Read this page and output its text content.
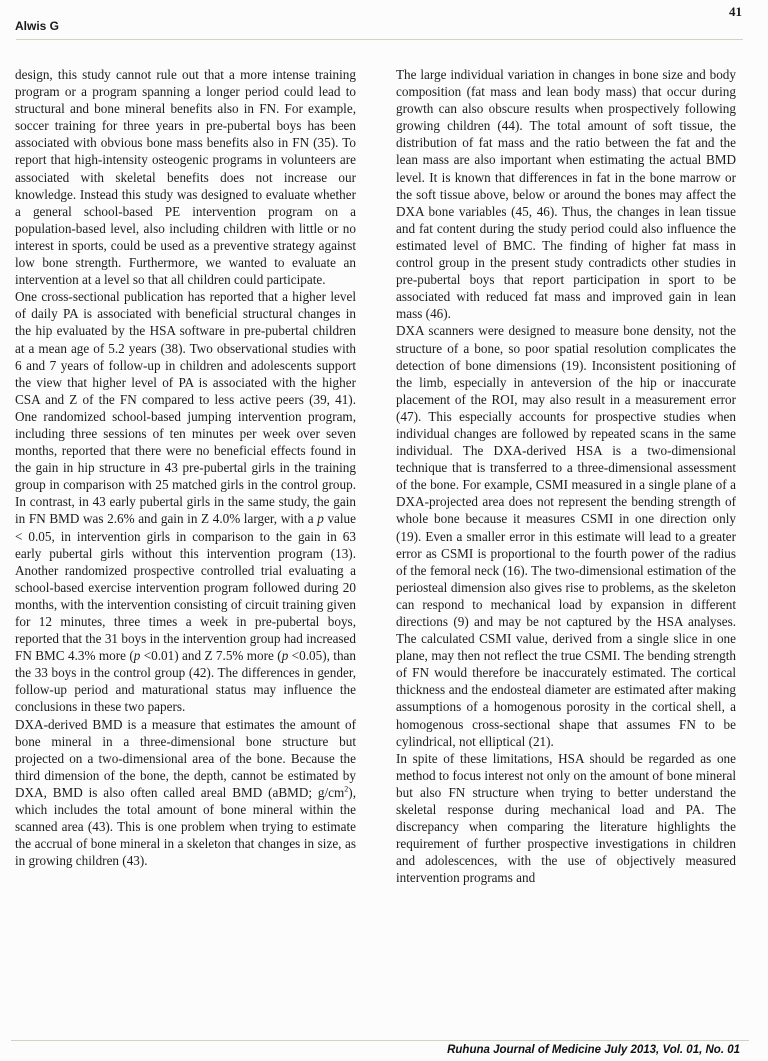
41
Alwis G

design, this study cannot rule out that a more intense training program or a program spanning a longer period could lead to structural and bone mineral benefits also in FN. For example, soccer training for three years in pre-pubertal boys has been associated with obvious bone mass benefits also in FN (35). To report that high-intensity osteogenic programs in volunteers are associated with skeletal benefits does not increase our knowledge. Instead this study was designed to evaluate whether a general school-based PE intervention program on a population-based level, also including children with little or no interest in sports, could be used as a preventive strategy against low bone strength. Furthermore, we wanted to evaluate an intervention at a level so that all children could participate.

One cross-sectional publication has reported that a higher level of daily PA is associated with beneficial structural changes in the hip evaluated by the HSA software in pre-pubertal children at a mean age of 5.2 years (38). Two observational studies with 6 and 7 years of follow-up in children and adolescents support the view that higher level of PA is associated with the higher CSA and Z of the FN compared to less active peers (39, 41). One randomized school-based jumping intervention program, including three sessions of ten minutes per week over seven months, reported that there were no beneficial effects found in the gain in hip structure in 43 pre-pubertal girls in the training group in comparison with 25 matched girls in the control group. In contrast, in 43 early pubertal girls in the same study, the gain in FN BMD was 2.6% and gain in Z 4.0% larger, with a p value < 0.05, in intervention girls in comparison to the gain in 63 early pubertal girls without this intervention program (13). Another randomized prospective controlled trial evaluating a school-based exercise intervention program followed during 20 months, with the intervention consisting of circuit training given for 12 minutes, three times a week in pre-pubertal boys, reported that the 31 boys in the intervention group had increased FN BMC 4.3% more (p <0.01) and Z 7.5% more (p <0.05), than the 33 boys in the control group (42). The differences in gender, follow-up period and maturational status may influence the conclusions in these two papers.

DXA-derived BMD is a measure that estimates the amount of bone mineral in a three-dimensional bone structure but projected on a two-dimensional area of the bone. Because the third dimension of the bone, the depth, cannot be estimated by DXA, BMD is also often called areal BMD (aBMD; $g/cm^2$), which includes the total amount of bone mineral within the scanned area (43). This is one problem when trying to estimate the accrual of bone mineral in a skeleton that changes in size, as in growing children (43).

The large individual variation in changes in bone size and body composition (fat mass and lean body mass) that occur during growth can also obscure results when prospectively following growing children (44). The total amount of soft tissue, the distribution of fat mass and the ratio between the fat and the lean mass are also important when estimating the actual BMD level. It is known that differences in fat in the bone marrow or the soft tissue above, below or around the bones may affect the DXA bone variables (45, 46). Thus, the changes in lean tissue and fat content during the study period could also influence the estimated level of BMC. The finding of higher fat mass in control group in the present study contradicts other studies in pre-pubertal boys that report participation in sport to be associated with reduced fat mass and improved gain in lean mass (46).

DXA scanners were designed to measure bone density, not the structure of a bone, so poor spatial resolution complicates the detection of bone dimensions (19). Inconsistent positioning of the limb, especially in anteversion of the hip or inaccurate placement of the ROI, may also result in a measurement error (47). This especially accounts for prospective studies when individual changes are followed by repeated scans in the same individual. The DXA-derived HSA is a two-dimensional technique that is transferred to a three-dimensional assessment of the bone. For example, CSMI measured in a single plane of a DXA-projected area does not represent the bending strength of whole bone because it measures CSMI in one direction only (19). Even a smaller error in this estimate will lead to a greater error as CSMI is proportional to the fourth power of the radius of the femoral neck (16). The two-dimensional estimation of the periosteal dimension also gives rise to problems, as the skeleton can respond to mechanical load by expansion in different directions (9) and may be not captured by the HSA analyses. The calculated CSMI value, derived from a single slice in one plane, may then not reflect the true CSMI. The bending strength of FN would therefore be inaccurately estimated. The cortical thickness and the endosteal diameter are estimated after making assumptions of a homogenous porosity in the cortical shell, a homogenous cross-sectional shape that assumes FN to be cylindrical, not elliptical (21).

In spite of these limitations, HSA should be regarded as one method to focus interest not only on the amount of bone mineral but also FN structure when trying to better understand the skeletal response during mechanical load and PA. The discrepancy when comparing the literature highlights the requirement of further prospective investigations in children and adolescences, with the use of objectively measured intervention programs and

Ruhuna Journal of Medicine July 2013, Vol. 01, No. 01
